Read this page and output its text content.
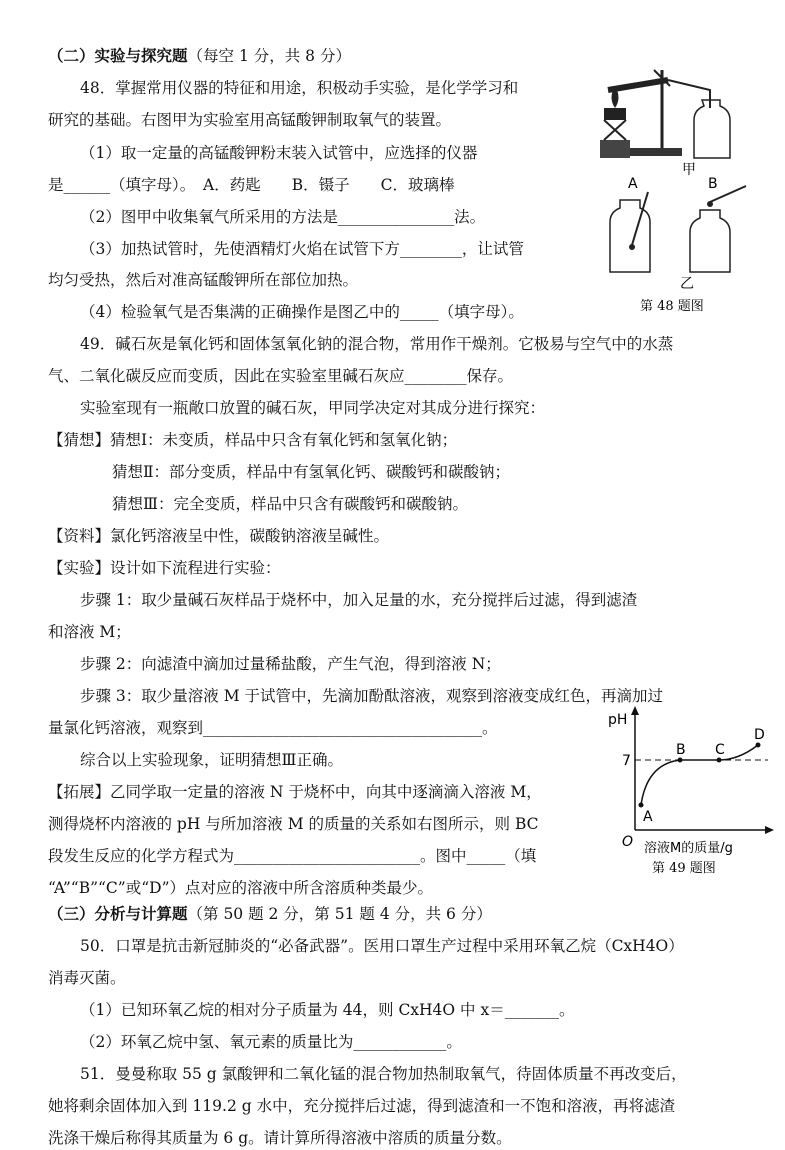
（二）实验与探究题（每空 1 分，共 8 分）
48．掌握常用仪器的特征和用途，积极动手实验，是化学学习和
研究的基础。右图甲为实验室用高锰酸钾制取氧气的装置。
（1）取一定量的高锰酸钾粉末装入试管中，应选择的仪器
是______（填字母）。　A．药匙　　B．镊子　　C．玻璃棒
（2）图甲中收集氧气所采用的方法是_______________法。
（3）加热试管时，先使酒精灯火焰在试管下方________，让试管
均匀受热，然后对准高锰酸钾所在部位加热。
（4）检验氧气是否集满的正确操作是图乙中的_____（填字母）。
甲
A	B
乙
第 48 题图
49．碱石灰是氧化钙和固体氢氧化钠的混合物，常用作干燥剂。它极易与空气中的水蒸
气、二氧化碳反应而变质，因此在实验室里碱石灰应________保存。
实验室现有一瓶敞口放置的碱石灰，甲同学决定对其成分进行探究：
【猜想】猜想Ⅰ：未变质，样品中只含有氧化钙和氢氧化钠；
猜想Ⅱ：部分变质，样品中有氢氧化钙、碳酸钙和碳酸钠；
猜想Ⅲ：完全变质，样品中只含有碳酸钙和碳酸钠。
【资料】氯化钙溶液呈中性，碳酸钠溶液呈碱性。
【实验】设计如下流程进行实验：
步骤 1：取少量碱石灰样品于烧杯中，加入足量的水，充分搅拌后过滤，得到滤渣
和溶液 M；
步骤 2：向滤渣中滴加过量稀盐酸，产生气泡，得到溶液 N；
步骤 3：取少量溶液 M 于试管中，先滴加酚酞溶液，观察到溶液变成红色，再滴加过
量氯化钙溶液，观察到____________________________________。
综合以上实验现象，证明猜想Ⅲ正确。
【拓展】乙同学取一定量的溶液 N 于烧杯中，向其中逐滴滴入溶液 M，
测得烧杯内溶液的 pH 与所加溶液 M 的质量的关系如右图所示，则 BC
段发生反应的化学方程式为________________________。图中_____（填
“A”“B”“C”或“D”）点对应的溶液中所含溶质种类最少。
pH
7
A
B C
D
O 溶液M的质量/g
第 49 题图
（三）分析与计算题（第 50 题 2 分，第 51 题 4 分，共 6 分）
50．口罩是抗击新冠肺炎的“必备武器”。医用口罩生产过程中采用环氧乙烷（CxH4O）
消毒灭菌。
（1）已知环氧乙烷的相对分子质量为 44，则 CxH4O 中 x＝_______。
（2）环氧乙烷中氢、氧元素的质量比为____________。
51．曼曼称取 55 g 氯酸钾和二氧化锰的混合物加热制取氧气，待固体质量不再改变后，
她将剩余固体加入到 119.2 g 水中，充分搅拌后过滤，得到滤渣和一不饱和溶液，再将滤渣
洗涤干燥后称得其质量为 6 g。请计算所得溶液中溶质的质量分数。
